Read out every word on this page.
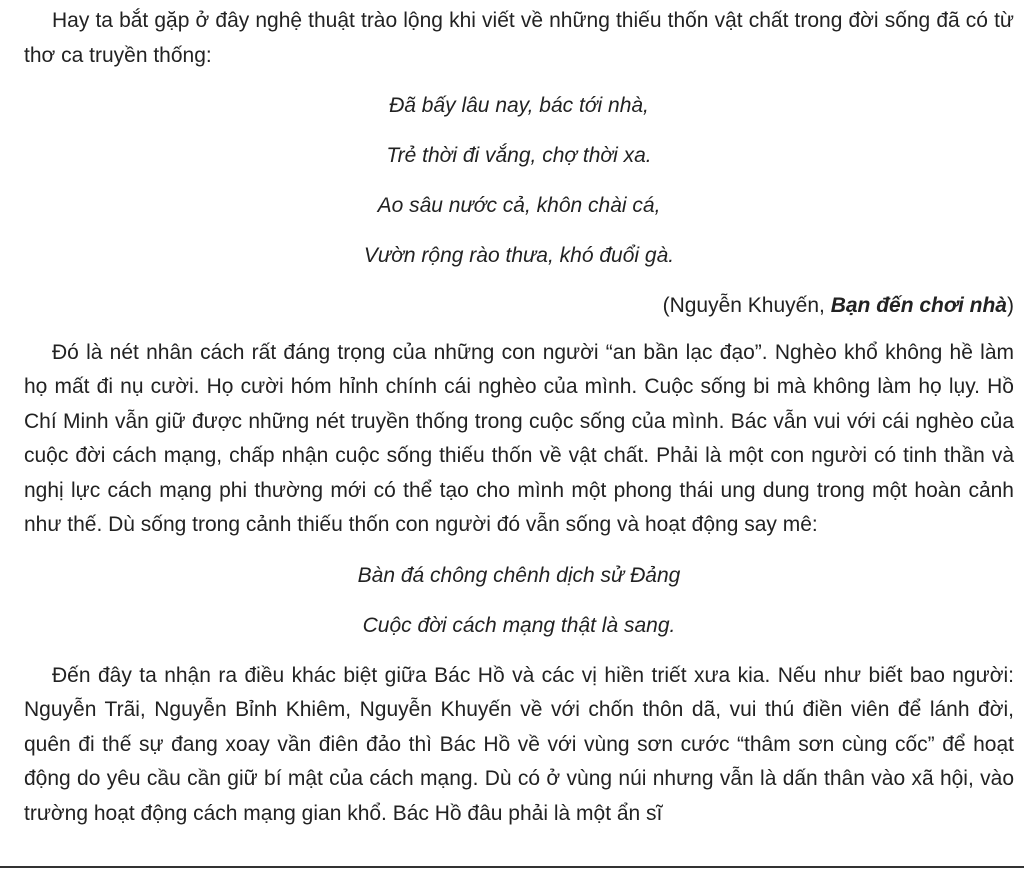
Hay ta bắt gặp ở đây nghệ thuật trào lộng khi viết về những thiếu thốn vật chất trong đời sống đã có từ thơ ca truyền thống:

Đã bấy lâu nay, bác tới nhà,

Trẻ thời đi vắng, chợ thời xa.

Ao sâu nước cả, khôn chài cá,

Vườn rộng rào thưa, khó đuổi gà.

(Nguyễn Khuyến, Bạn đến chơi nhà)

Đó là nét nhân cách rất đáng trọng của những con người “an bần lạc đạo”. Nghèo khổ không hề làm họ mất đi nụ cười. Họ cười hóm hỉnh chính cái nghèo của mình. Cuộc sống bi mà không làm họ lụy. Hồ Chí Minh vẫn giữ được những nét truyền thống trong cuộc sống của mình. Bác vẫn vui với cái nghèo của cuộc đời cách mạng, chấp nhận cuộc sống thiếu thốn về vật chất. Phải là một con người có tinh thần và nghị lực cách mạng phi thường mới có thể tạo cho mình một phong thái ung dung trong một hoàn cảnh như thế. Dù sống trong cảnh thiếu thốn con người đó vẫn sống và hoạt động say mê:

Bàn đá chông chênh dịch sử Đảng

Cuộc đời cách mạng thật là sang.

Đến đây ta nhận ra điều khác biệt giữa Bác Hồ và các vị hiền triết xưa kia. Nếu như biết bao người: Nguyễn Trãi, Nguyễn Bỉnh Khiêm, Nguyễn Khuyến về với chốn thôn dã, vui thú điền viên để lánh đời, quên đi thế sự đang xoay vần điên đảo thì Bác Hồ về với vùng sơn cước “thâm sơn cùng cốc” để hoạt động do yêu cầu cần giữ bí mật của cách mạng. Dù có ở vùng núi nhưng vẫn là dấn thân vào xã hội, vào trường hoạt động cách mạng gian khổ. Bác Hồ đâu phải là một ẩn sĩ
